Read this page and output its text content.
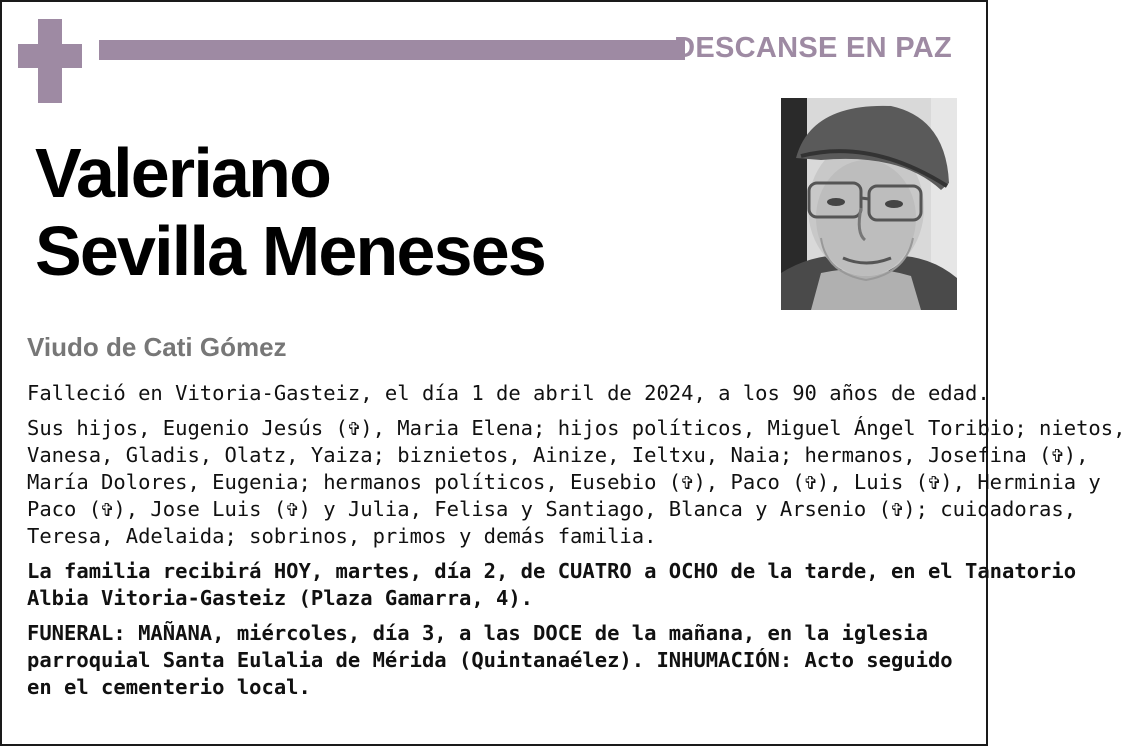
DESCANSE EN PAZ
Valeriano
Sevilla Meneses
Viudo de Cati Gómez

Falleció en Vitoria-Gasteiz, el día 1 de abril de 2024, a los 90 años de edad.

Sus hijos, Eugenio Jesús (✞), Maria Elena; hijos políticos, Miguel Ángel Toribio; nietos,
Vanesa, Gladis, Olatz, Yaiza; biznietos, Ainize, Ieltxu, Naia; hermanos, Josefina (✞),
María Dolores, Eugenia; hermanos políticos, Eusebio (✞), Paco (✞), Luis (✞), Herminia y
Paco (✞), Jose Luis (✞) y Julia, Felisa y Santiago, Blanca y Arsenio (✞); cuidadoras,
Teresa, Adelaida; sobrinos, primos y demás familia.

La familia recibirá HOY, martes, día 2, de CUATRO a OCHO de la tarde, en el Tanatorio
Albia Vitoria-Gasteiz (Plaza Gamarra, 4).

FUNERAL: MAÑANA, miércoles, día 3, a las DOCE de la mañana, en la iglesia
parroquial Santa Eulalia de Mérida (Quintanaélez). INHUMACIÓN: Acto seguido
en el cementerio local.
